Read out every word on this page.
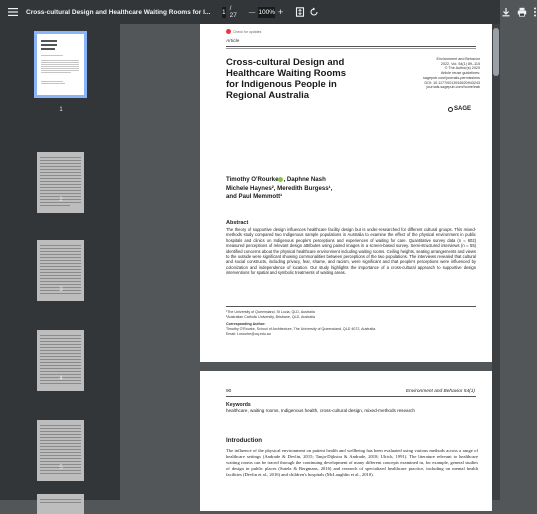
Cross-cultural Design and Healthcare Waiting Rooms for I... 1 / 27 — 100% +
1
2
3
4
5
Check for updates
Article
Cross-cultural Design and Healthcare Waiting Rooms for Indigenous People in Regional Australia
Environment and Behavior
2022, Vol. 54(1) 89–115
© The Author(s) 2020
Article reuse guidelines:
sagepub.com/journals-permissions
DOI: 10.1177/0013916520943243
journals.sagepub.com/home/eab
SAGE
Timothy O'Rourke , Daphne Nash
Michele Haynes², Meredith Burgess¹,
and Paul Memmott¹
Abstract
The theory of supportive design influences healthcare facility design but is under-researched for different cultural groups. This mixed-methods study compared two Indigenous sample populations in Australia to examine the effect of the physical environment in public hospitals and clinics on Indigenous people's perceptions and experiences of waiting for care. Quantitative survey data (n = 602) measured perceptions of relevant design attributes using paired images in a screen-based survey. Semi-structured interviews (n = 55) identified concerns about the physical healthcare environment including waiting rooms. Ceiling heights, seating arrangements and views to the outside were significant showing commonalities between perceptions of the two populations. The interviews revealed that cultural and social constructs, including privacy, fear, shame, and racism, were significant and that people's perceptions were influenced by colonization and independence of location. Our study highlights the importance of a cross-cultural approach to supportive design interventions for spatial and symbolic treatments of waiting areas.
¹The University of Queensland, St Lucia, QLD, Australia
²Australian Catholic University, Brisbane, QLD, Australia
Corresponding Author:
Timothy O'Rourke, School of Architecture, The University of Queensland, QLD 4072, Australia.
Email: t.orourke@uq.edu.au
90	Environment and Behavior 54(1)
Keywords
healthcare, waiting rooms, Indigenous health, cross-cultural design, mixed-methods research
Introduction
The influence of the physical environment on patient health and wellbeing has been evaluated using various methods across a range of healthcare settings (Andrade & Devlin, 2015; Tanja-Dijkstra & Andrade, 2018; Ulrich, 1991). The literature relevant to healthcare waiting rooms can be traced through the continuing development of many different concepts examined in, for example, general studies of design in public places (Sutela & Bergmans, 2016) and research of specialized healthcare practice, including on mental health facilities (Devlin et al., 2016) and children's hospitals (McLaughlin et al., 2010).
